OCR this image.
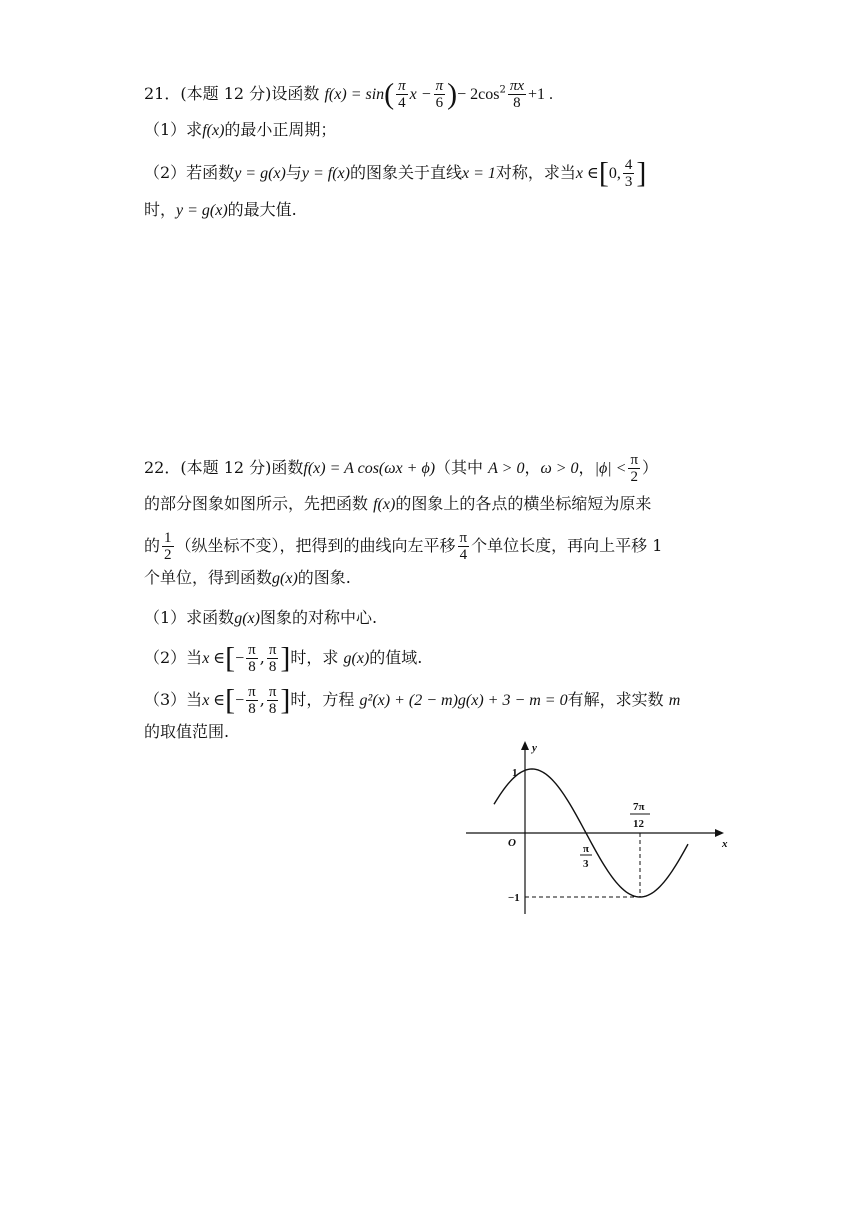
21．(本题 12 分)设函数 $f(x) = \sin( \frac{\pi}{4}$ $x - \frac{\pi}{6}$ )− $2\cos^2 \frac{\pi x}{8} +1$ .
（1）求f(x)的最小正周期；
（2）若函数y = g(x)与y = f(x)的图象关于直线x = 1对称，求当x ∈[0, $\frac{4}{3}$ ]
时，y = g(x)的最大值.
22．(本题 12 分)函数f(x) = A cos(ωx + ϕ)（其中 A > 0，ω > 0，$|\phi| < \frac{\pi}{2}$ ）
的部分图象如图所示，先把函数 f(x)的图象上的各点的横坐标缩短为原来
的 $\frac{1}{2}$ （纵坐标不变），把得到的曲线向左平移 $\frac{\pi}{4}$ 个单位长度，再向上平移 1
个单位，得到函数g(x)的图象.
（1）求函数g(x)图象的对称中心.
（2）当x ∈[− $\frac{\pi}{8}$ , $\frac{\pi}{8}$ ]时，求 g(x)的值域.
（3）当x ∈[− $\frac{\pi}{8}$ , $\frac{\pi}{8}$ ]时，方程 g²(x) + (2 − m)g(x) + 3 − m = 0有解，求实数 m
的取值范围.
y
x
O
1
−1
π
3
7π
12
